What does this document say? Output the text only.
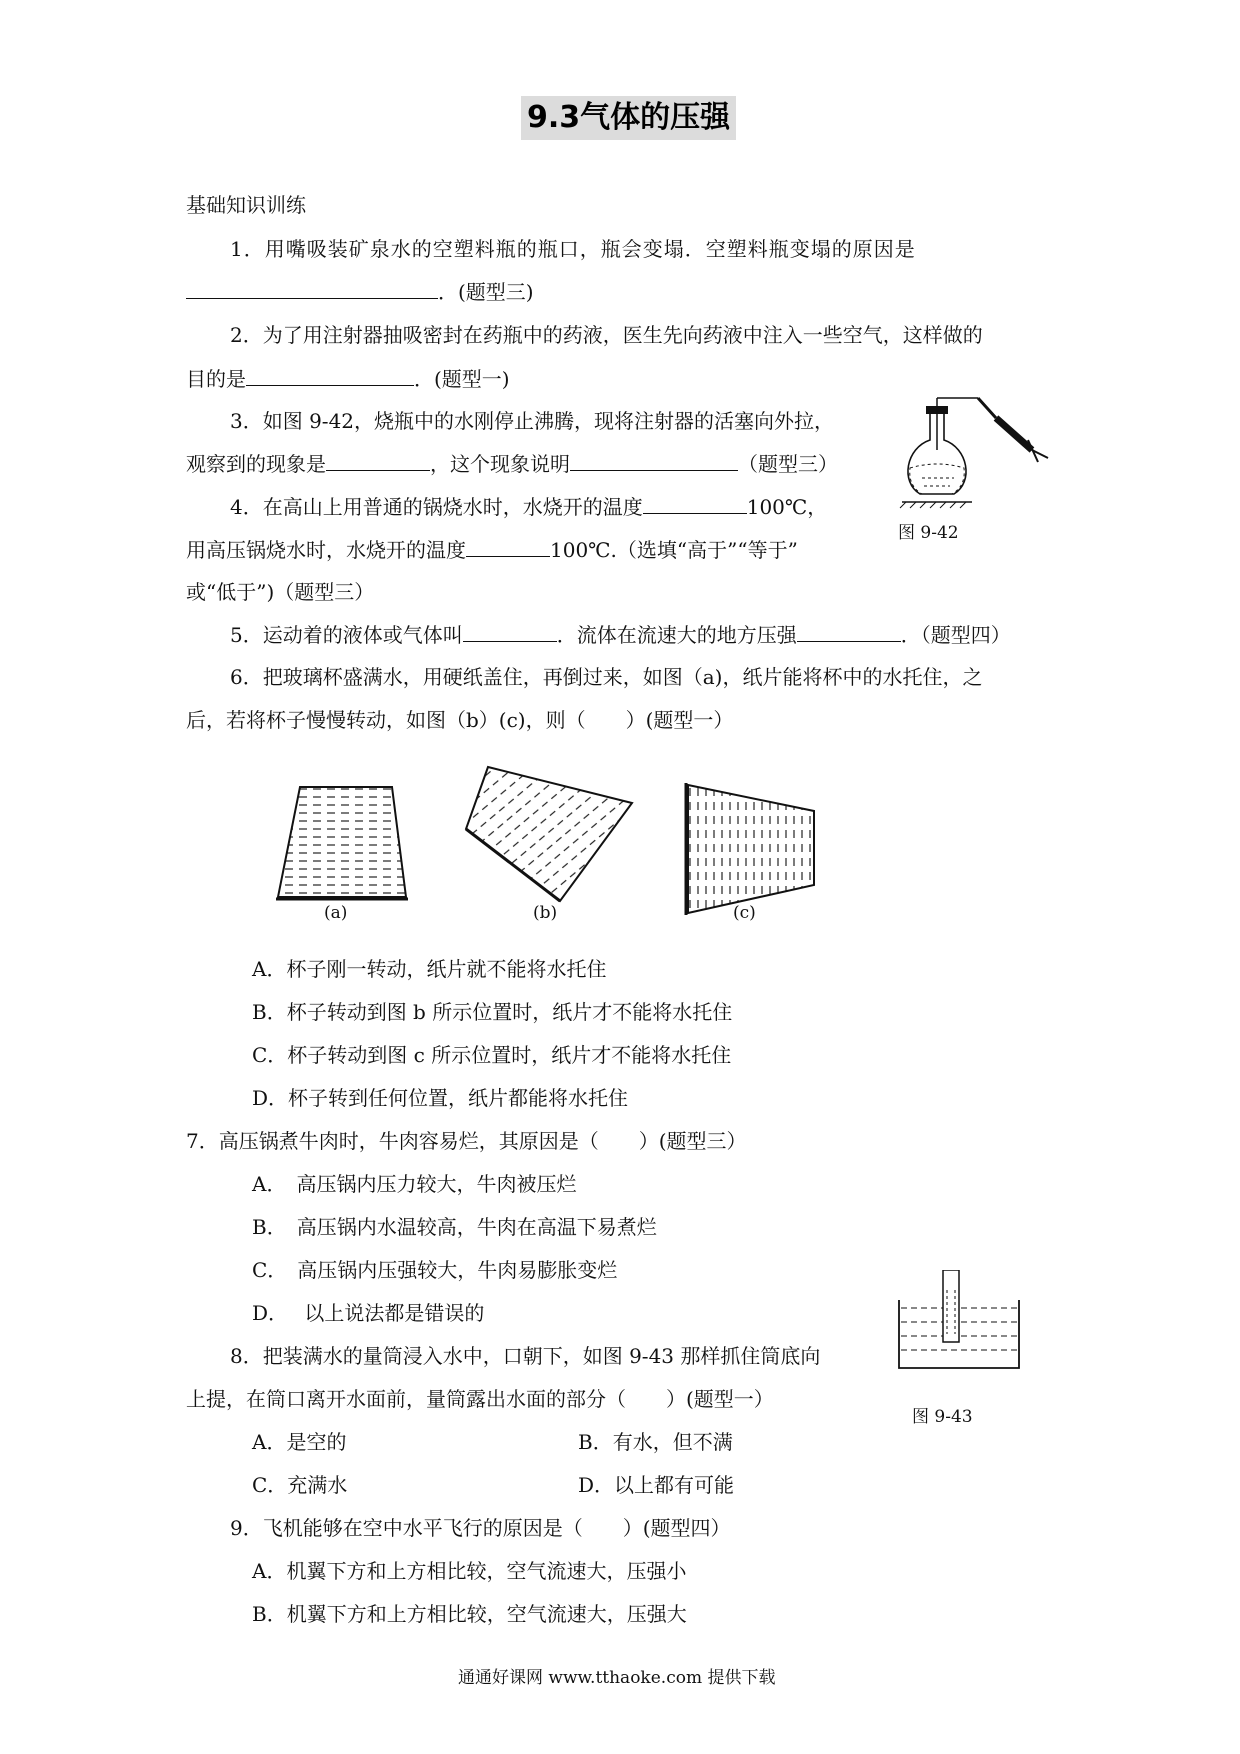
9.3气体的压强
基础知识训练
1．用嘴吸装矿泉水的空塑料瓶的瓶口，瓶会变塌．空塑料瓶变塌的原因是
．(题型三)
2．为了用注射器抽吸密封在药瓶中的药液，医生先向药液中注入一些空气，这样做的
目的是	．(题型一)
3．如图 9-42，烧瓶中的水刚停止沸腾，现将注射器的活塞向外拉，
观察到的现象是	，这个现象说明	（题型三）
4．在高山上用普通的锅烧水时，水烧开的温度	100℃，
用高压锅烧水时，水烧开的温度	100℃.（选填“高于”“等于”
或“低于”)（题型三）
图 9-42
5．运动着的液体或气体叫	．流体在流速大的地方压强	．（题型四）
6．把玻璃杯盛满水，用硬纸盖住，再倒过来，如图（a)，纸片能将杯中的水托住，之
后，若将杯子慢慢转动，如图（b）(c)，则（　　）(题型一）
(a)	(b)	(c)
A．杯子刚一转动，纸片就不能将水托住
B．杯子转动到图 b 所示位置时，纸片才不能将水托住
C．杯子转动到图 c 所示位置时，纸片才不能将水托住
D．杯子转到任何位置，纸片都能将水托住
7．高压锅煮牛肉时，牛肉容易烂，其原因是（　　）(题型三）
A．　高压锅内压力较大，牛肉被压烂
B．　高压锅内水温较高，牛肉在高温下易煮烂
C．　高压锅内压强较大，牛肉易膨胀变烂
D．　 以上说法都是错误的
图 9-43
8．把装满水的量筒浸入水中，口朝下，如图 9-43 那样抓住筒底向
上提，在筒口离开水面前，量筒露出水面的部分（　　）(题型一）
A．是空的	B．有水，但不满
C．充满水	D．以上都有可能
9．飞机能够在空中水平飞行的原因是（　　）(题型四）
A．机翼下方和上方相比较，空气流速大，压强小
B．机翼下方和上方相比较，空气流速大，压强大
通通好课网 www.tthaoke.com 提供下载
